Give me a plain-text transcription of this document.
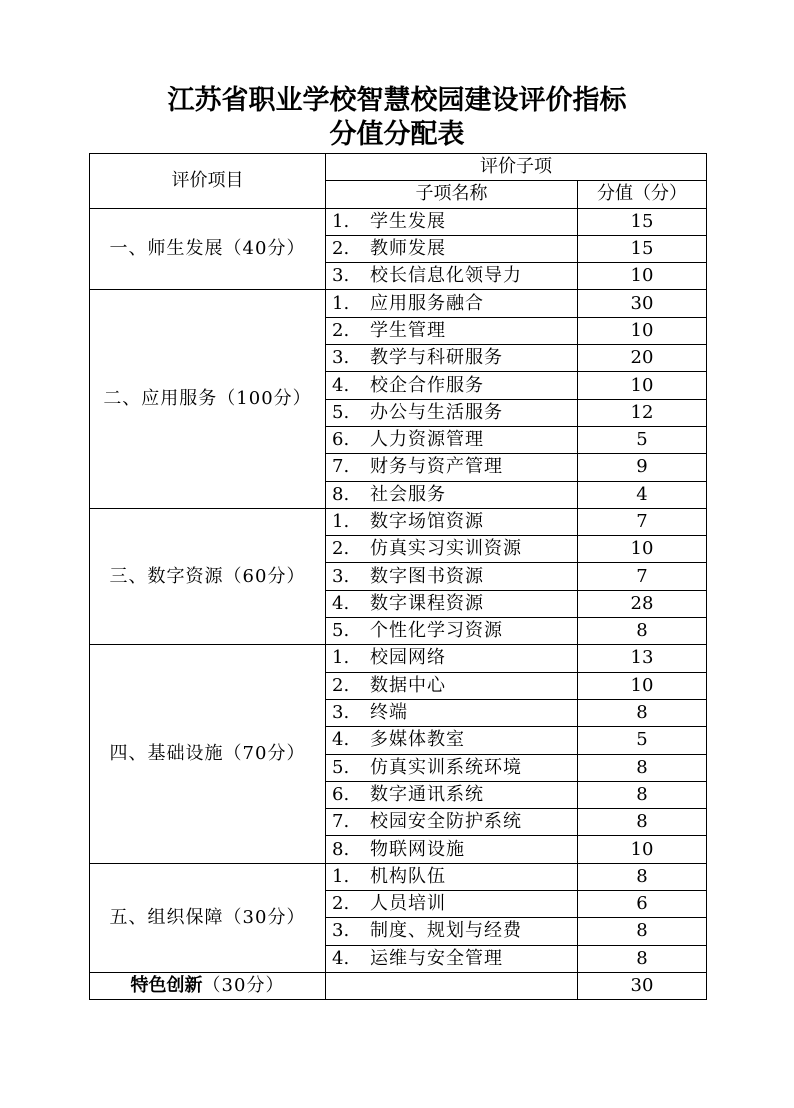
江苏省职业学校智慧校园建设评价指标
分值分配表
评价项目	评价子项	
	子项名称	分值（分）
一、师生发展（40分）	1. 学生发展	15
	2. 教师发展	15
	3. 校长信息化领导力	10
二、应用服务（100分）	1. 应用服务融合	30
	2. 学生管理	10
	3. 教学与科研服务	20
	4. 校企合作服务	10
	5. 办公与生活服务	12
	6. 人力资源管理	5
	7. 财务与资产管理	9
	8. 社会服务	4
三、数字资源（60分）	1. 数字场馆资源	7
	2. 仿真实习实训资源	10
	3. 数字图书资源	7
	4. 数字课程资源	28
	5. 个性化学习资源	8
四、基础设施（70分）	1. 校园网络	13
	2. 数据中心	10
	3. 终端	8
	4. 多媒体教室	5
	5. 仿真实训系统环境	8
	6. 数字通讯系统	8
	7. 校园安全防护系统	8
	8. 物联网设施	10
五、组织保障（30分）	1. 机构队伍	8
	2. 人员培训	6
	3. 制度、规划与经费	8
	4. 运维与安全管理	8
特色创新（30分）		30
